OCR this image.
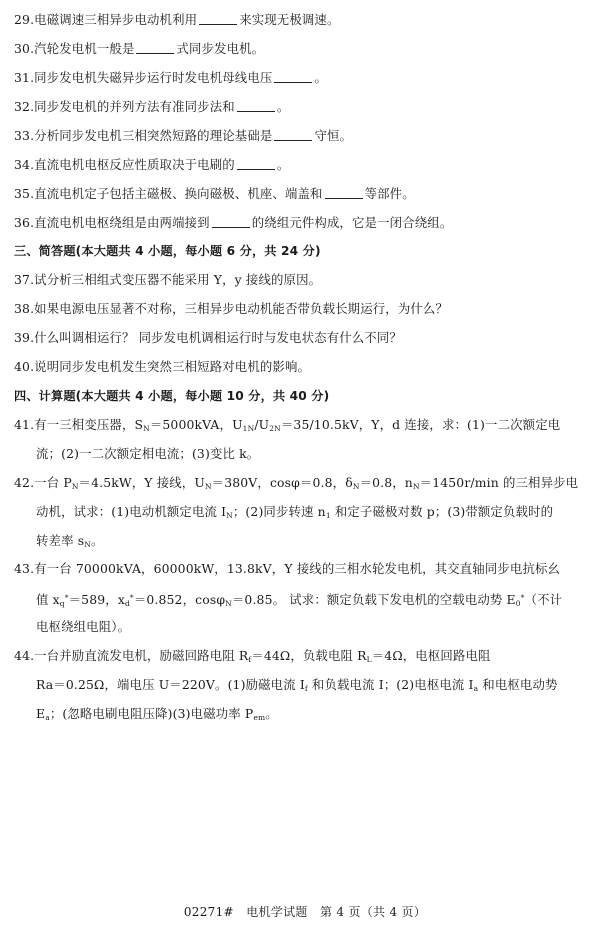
29.电磁调速三相异步电动机利用	来实现无极调速。
30.汽轮发电机一般是	式同步发电机。
31.同步发电机失磁异步运行时发电机母线电压	。
32.同步发电机的并列方法有准同步法和	。
33.分析同步发电机三相突然短路的理论基础是	守恒。
34.直流电机电枢反应性质取决于电刷的	。
35.直流电机定子包括主磁极、换向磁极、机座、端盖和	等部件。
36.直流电机电枢绕组是由两端接到	的绕组元件构成，它是一闭合绕组。
三、简答题(本大题共 4 小题，每小题 6 分，共 24 分)
37.试分析三相组式变压器不能采用 Y，y 接线的原因。
38.如果电源电压显著不对称，三相异步电动机能否带负载长期运行，为什么？
39.什么叫调相运行？ 同步发电机调相运行时与发电状态有什么不同？
40.说明同步发电机发生突然三相短路对电机的影响。
四、计算题(本大题共 4 小题，每小题 10 分，共 40 分)
41.有一三相变压器，$S_N=5000kVA$，$U_{1N}/U_{2N}=35/10.5kV$，Y，d 连接，求：(1)一二次额定电
流；(2)一二次额定相电流；(3)变比 k。
42.一台 $P_N=4.5kW$，Y 接线，$U_N=380V$，cosφ＝0.8，$\delta_N=0.8$，$n_N=1450r/\min$ 的三相异步电
动机，试求：(1)电动机额定电流 $I_N$；(2)同步转速 $n_1$ 和定子磁极对数 p；(3)带额定负载时的
转差率 $s_N$。
43.有一台 70000kVA，60000kW，13.8kV，Y 接线的三相水轮发电机，其交直轴同步电抗标幺
值 $x_q^*=589$，$x_d^*=0.852$，cosφ$_N$＝0.85。 试求：额定负载下发电机的空载电动势 $E_0^*$（不计
电枢绕组电阻）。
44.一台并励直流发电机，励磁回路电阻 $R_f=44\Omega$，负载电阻 $R_L=4\Omega$，电枢回路电阻
Ra＝0.25Ω，端电压 U＝220V。(1)励磁电流 $I_f$ 和负载电流 I；(2)电枢电流 $I_a$ 和电枢电动势
$E_a$；(忽略电刷电阻压降)(3)电磁功率 $P_{em}$。
02271#　电机学试题　第 4 页（共 4 页）
